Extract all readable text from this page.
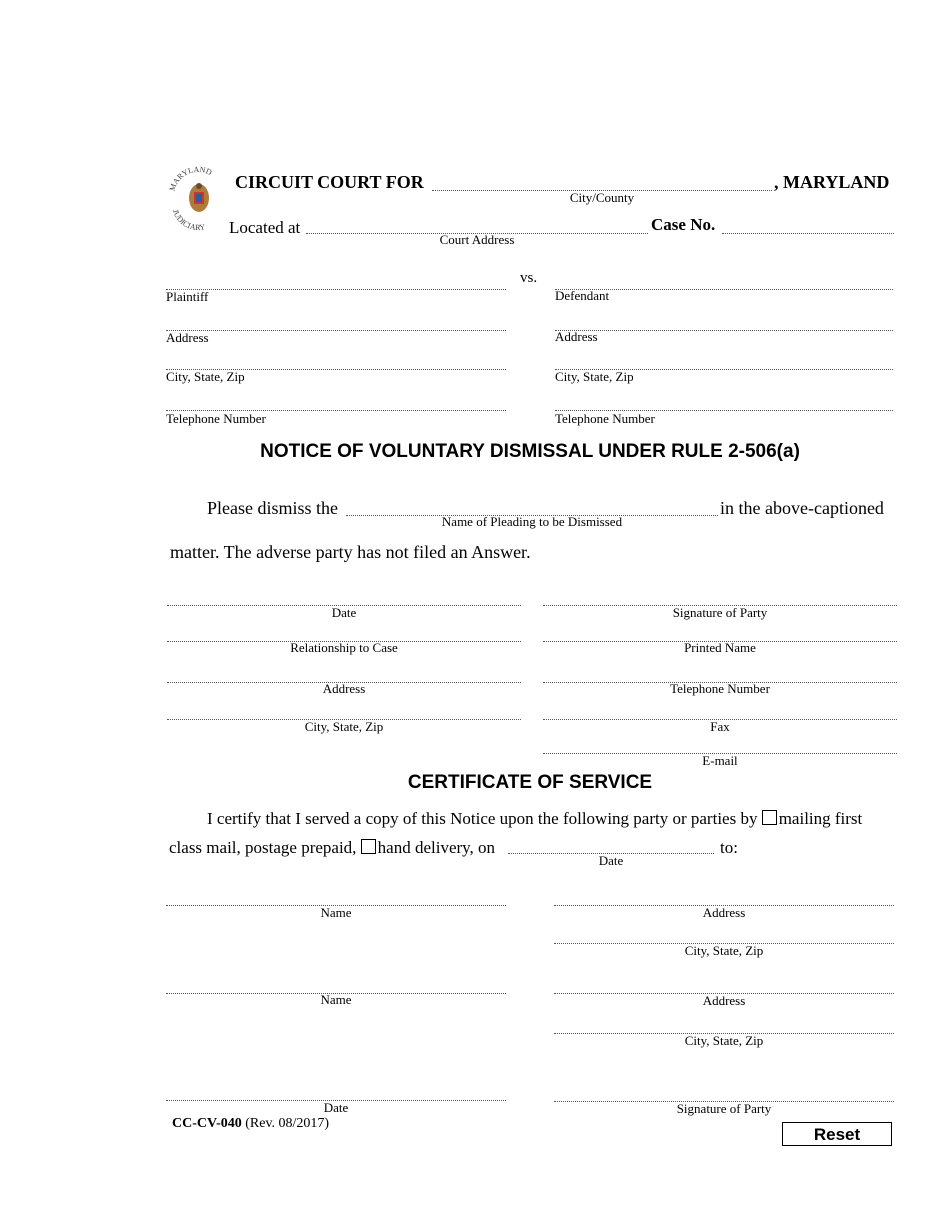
MARYLAND
JUDICIARY
CIRCUIT COURT FOR
City/County
, MARYLAND
Located at
Court Address
Case No.
vs.
Plaintiff
Address
City, State, Zip
Telephone Number
Defendant
Address
City, State, Zip
Telephone Number
NOTICE OF VOLUNTARY DISMISSAL UNDER RULE 2-506(a)
Please dismiss the
Name of Pleading to be Dismissed
in the above-captioned
matter. The adverse party has not filed an Answer.
Date
Relationship to Case
Address
City, State, Zip
Signature of Party
Printed Name
Telephone Number
Fax
E-mail
CERTIFICATE OF SERVICE
I certify that I served a copy of this Notice upon the following party or parties by mailing first
class mail, postage prepaid, hand delivery, on
Date
to:
Name	Address
City, State, Zip
Name	Address
City, State, Zip
Date	Signature of Party
CC-CV-040 (Rev. 08/2017)
Reset
